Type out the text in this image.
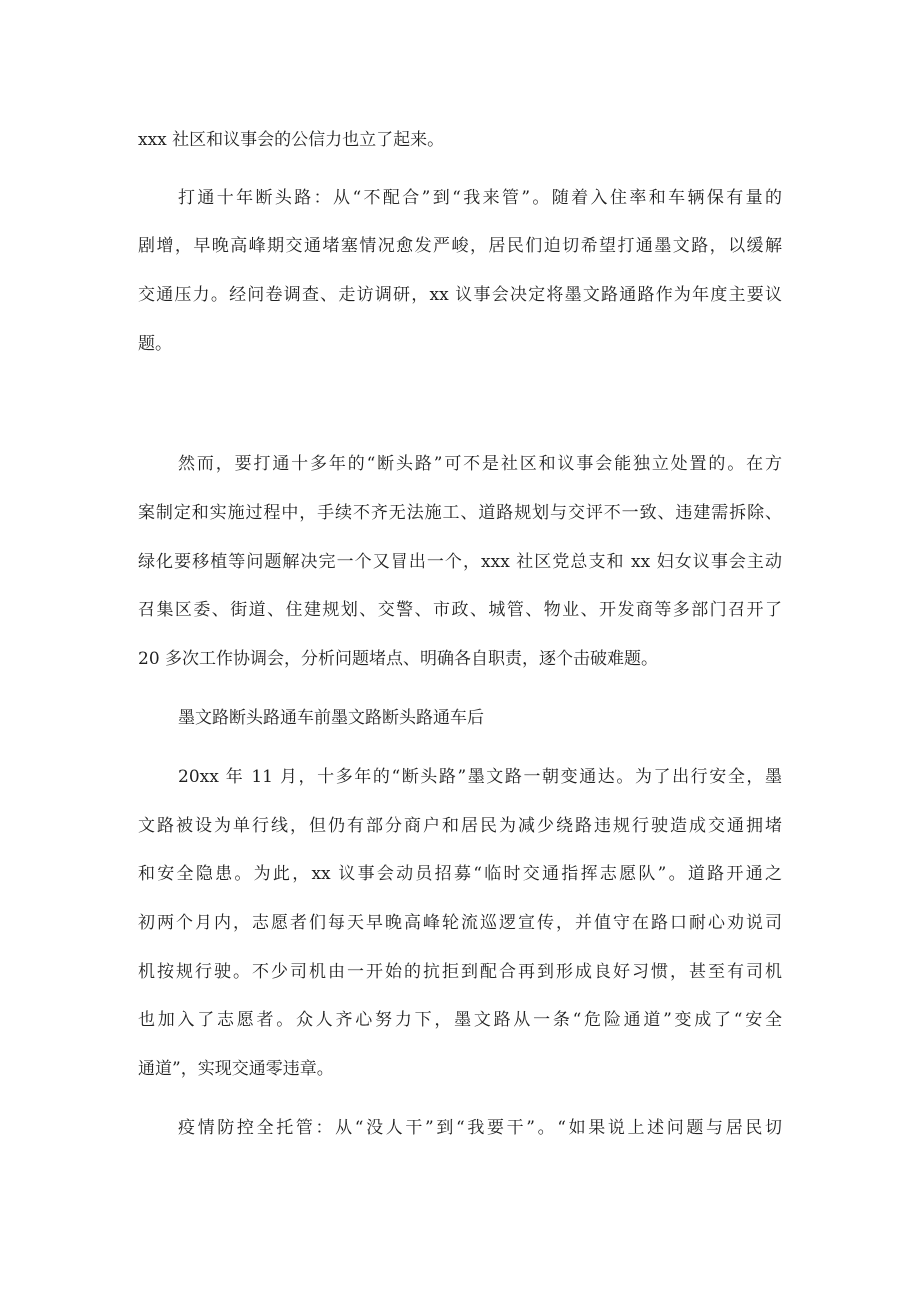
xxx 社区和议事会的公信力也立了起来。
打通十年断头路：从“不配合”到“我来管”。随着入住率和车辆保有量的
剧增，早晚高峰期交通堵塞情况愈发严峻，居民们迫切希望打通墨文路，以缓解
交通压力。经问卷调查、走访调研，xx 议事会决定将墨文路通路作为年度主要议
题。
然而，要打通十多年的“断头路”可不是社区和议事会能独立处置的。在方
案制定和实施过程中，手续不齐无法施工、道路规划与交评不一致、违建需拆除、
绿化要移植等问题解决完一个又冒出一个，xxx 社区党总支和 xx 妇女议事会主动
召集区委、街道、住建规划、交警、市政、城管、物业、开发商等多部门召开了
20 多次工作协调会，分析问题堵点、明确各自职责，逐个击破难题。
墨文路断头路通车前墨文路断头路通车后
20xx 年 11 月，十多年的“断头路”墨文路一朝变通达。为了出行安全，墨
文路被设为单行线，但仍有部分商户和居民为减少绕路违规行驶造成交通拥堵
和安全隐患。为此，xx 议事会动员招募“临时交通指挥志愿队”。道路开通之
初两个月内，志愿者们每天早晚高峰轮流巡逻宣传，并值守在路口耐心劝说司
机按规行驶。不少司机由一开始的抗拒到配合再到形成良好习惯，甚至有司机
也加入了志愿者。众人齐心努力下，墨文路从一条“危险通道”变成了“安全
通道”，实现交通零违章。
疫情防控全托管：从“没人干”到“我要干”。“如果说上述问题与居民切
